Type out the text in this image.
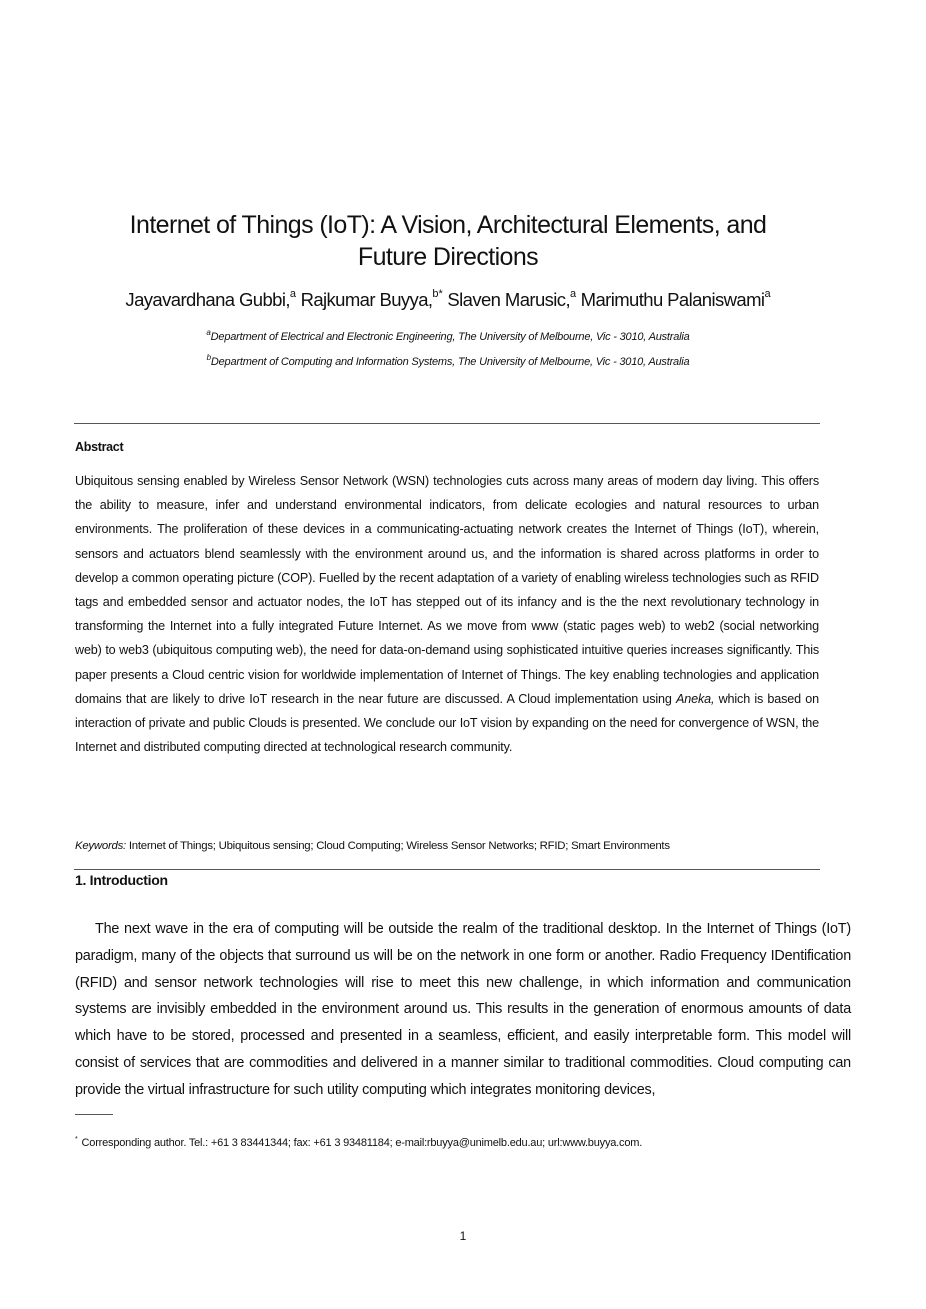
Internet of Things (IoT): A Vision, Architectural Elements, and
Future Directions
Jayavardhana Gubbi,$^a$ Rajkumar Buyya,$^{b*}$ Slaven Marusic,$^a$ Marimuthu Palaniswami$^a$
$^a$Department of Electrical and Electronic Engineering, The University of Melbourne, Vic - 3010, Australia
$^b$Department of Computing and Information Systems, The University of Melbourne, Vic - 3010, Australia
Abstract
Ubiquitous sensing enabled by Wireless Sensor Network (WSN) technologies cuts across many areas of modern day living. This offers the ability to measure, infer and understand environmental indicators, from delicate ecologies and natural resources to urban environments. The proliferation of these devices in a communicating-actuating network creates the Internet of Things (IoT), wherein, sensors and actuators blend seamlessly with the environment around us, and the information is shared across platforms in order to develop a common operating picture (COP). Fuelled by the recent adaptation of a variety of enabling wireless technologies such as RFID tags and embedded sensor and actuator nodes, the IoT has stepped out of its infancy and is the the next revolutionary technology in transforming the Internet into a fully integrated Future Internet. As we move from www (static pages web) to web2 (social networking web) to web3 (ubiquitous computing web), the need for data-on-demand using sophisticated intuitive queries increases significantly. This paper presents a Cloud centric vision for worldwide implementation of Internet of Things. The key enabling technologies and application domains that are likely to drive IoT research in the near future are discussed. A Cloud implementation using Aneka, which is based on interaction of private and public Clouds is presented. We conclude our IoT vision by expanding on the need for convergence of WSN, the Internet and distributed computing directed at technological research community.
Keywords: Internet of Things; Ubiquitous sensing; Cloud Computing; Wireless Sensor Networks; RFID; Smart Environments
1. Introduction
The next wave in the era of computing will be outside the realm of the traditional desktop. In the Internet of Things (IoT) paradigm, many of the objects that surround us will be on the network in one form or another. Radio Frequency IDentification (RFID) and sensor network technologies will rise to meet this new challenge, in which information and communication systems are invisibly embedded in the environment around us. This results in the generation of enormous amounts of data which have to be stored, processed and presented in a seamless, efficient, and easily interpretable form. This model will consist of services that are commodities and delivered in a manner similar to traditional commodities. Cloud computing can provide the virtual infrastructure for such utility computing which integrates monitoring devices,
* Corresponding author. Tel.: +61 3 83441344; fax: +61 3 93481184; e-mail:rbuyya@unimelb.edu.au; url:www.buyya.com.
1
